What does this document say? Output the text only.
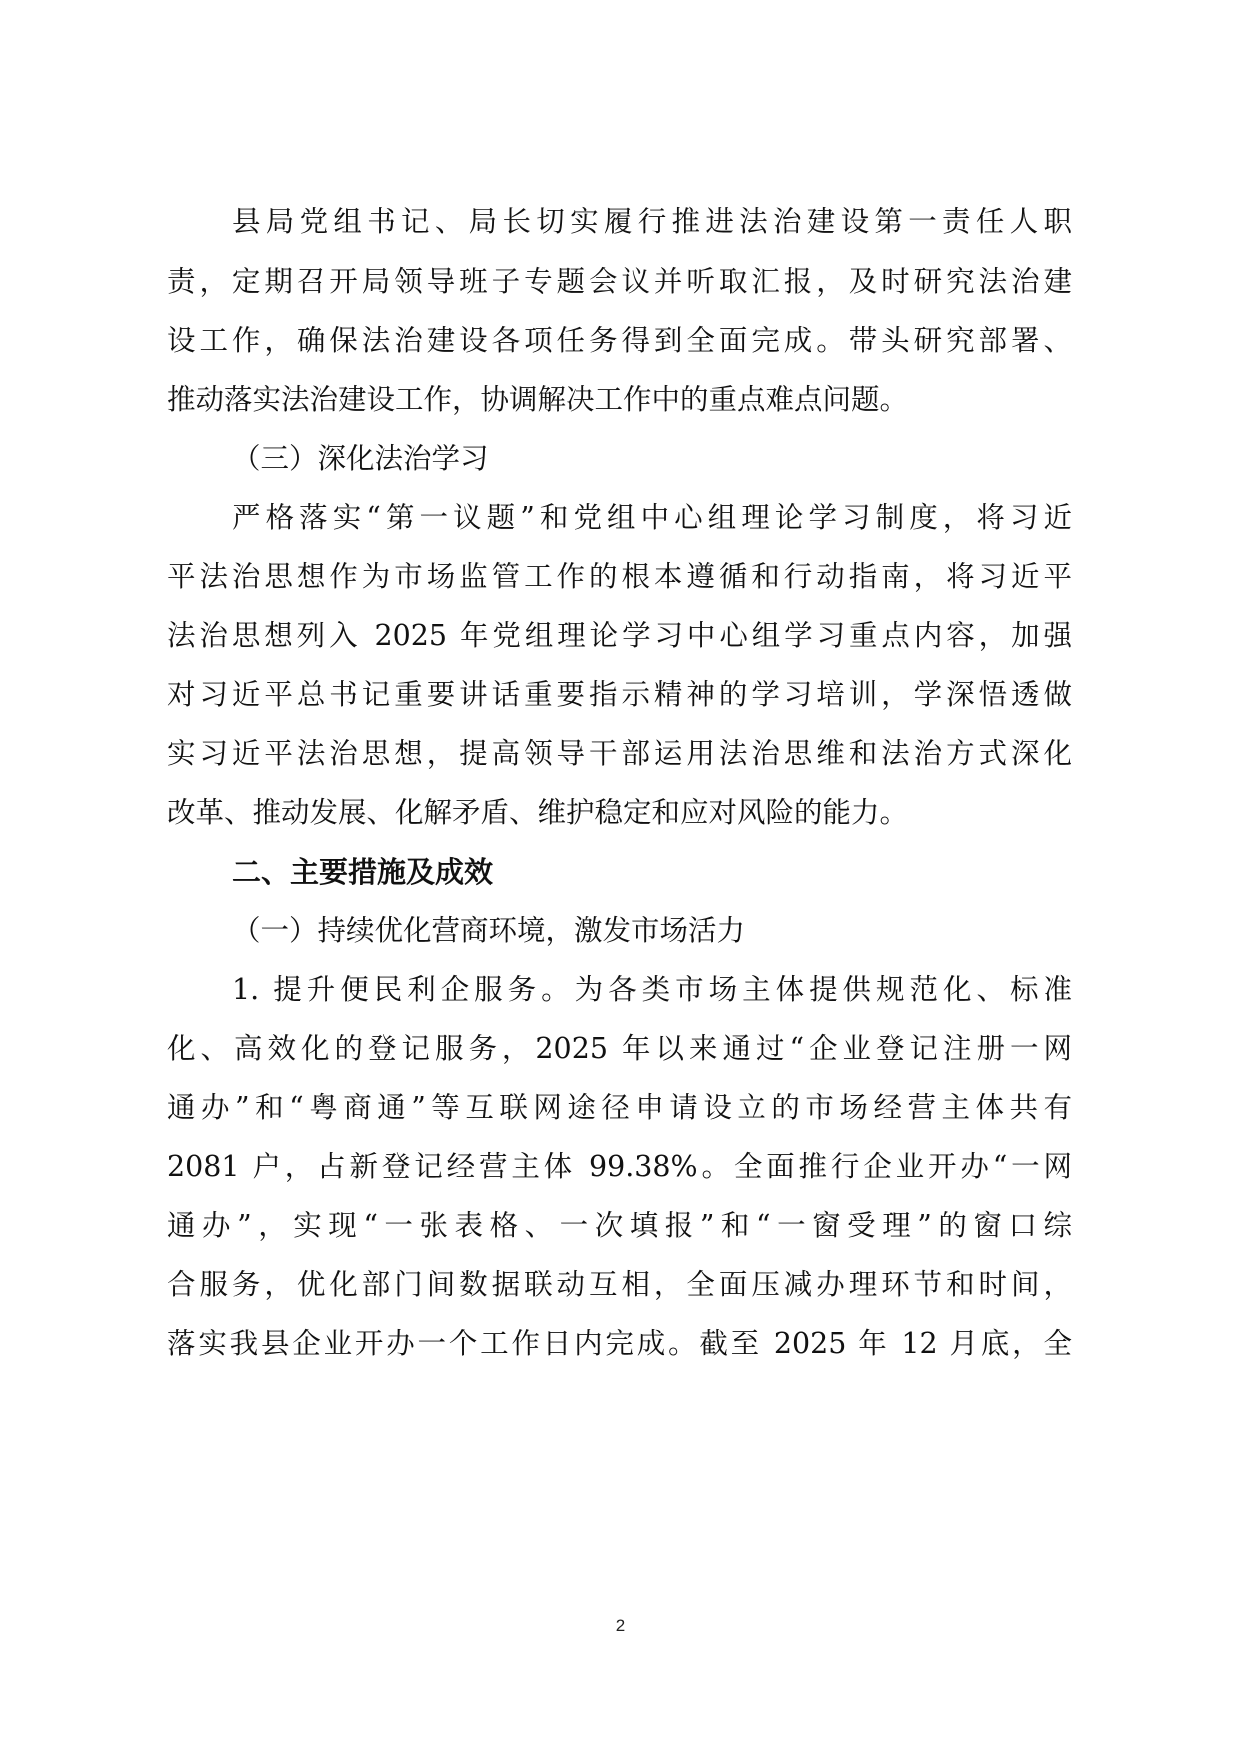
县局党组书记、局长切实履行推进法治建设第一责任人职
责，定期召开局领导班子专题会议并听取汇报，及时研究法治建
设工作，确保法治建设各项任务得到全面完成。带头研究部署、
推动落实法治建设工作，协调解决工作中的重点难点问题。
（三）深化法治学习
严格落实“第一议题”和党组中心组理论学习制度，将习近
平法治思想作为市场监管工作的根本遵循和行动指南，将习近平
法治思想列入 2025 年党组理论学习中心组学习重点内容，加强
对习近平总书记重要讲话重要指示精神的学习培训，学深悟透做
实习近平法治思想，提高领导干部运用法治思维和法治方式深化
改革、推动发展、化解矛盾、维护稳定和应对风险的能力。
二、主要措施及成效
（一）持续优化营商环境，激发市场活力
1. 提升便民利企服务。为各类市场主体提供规范化、标准
化、高效化的登记服务，2025 年以来通过“企业登记注册一网
通办”和“粤商通”等互联网途径申请设立的市场经营主体共有
2081 户，占新登记经营主体 99.38%。全面推行企业开办“一网
通办”，实现“一张表格、一次填报”和“一窗受理”的窗口综
合服务，优化部门间数据联动互相，全面压减办理环节和时间，
落实我县企业开办一个工作日内完成。截至 2025 年 12 月底，全
2
